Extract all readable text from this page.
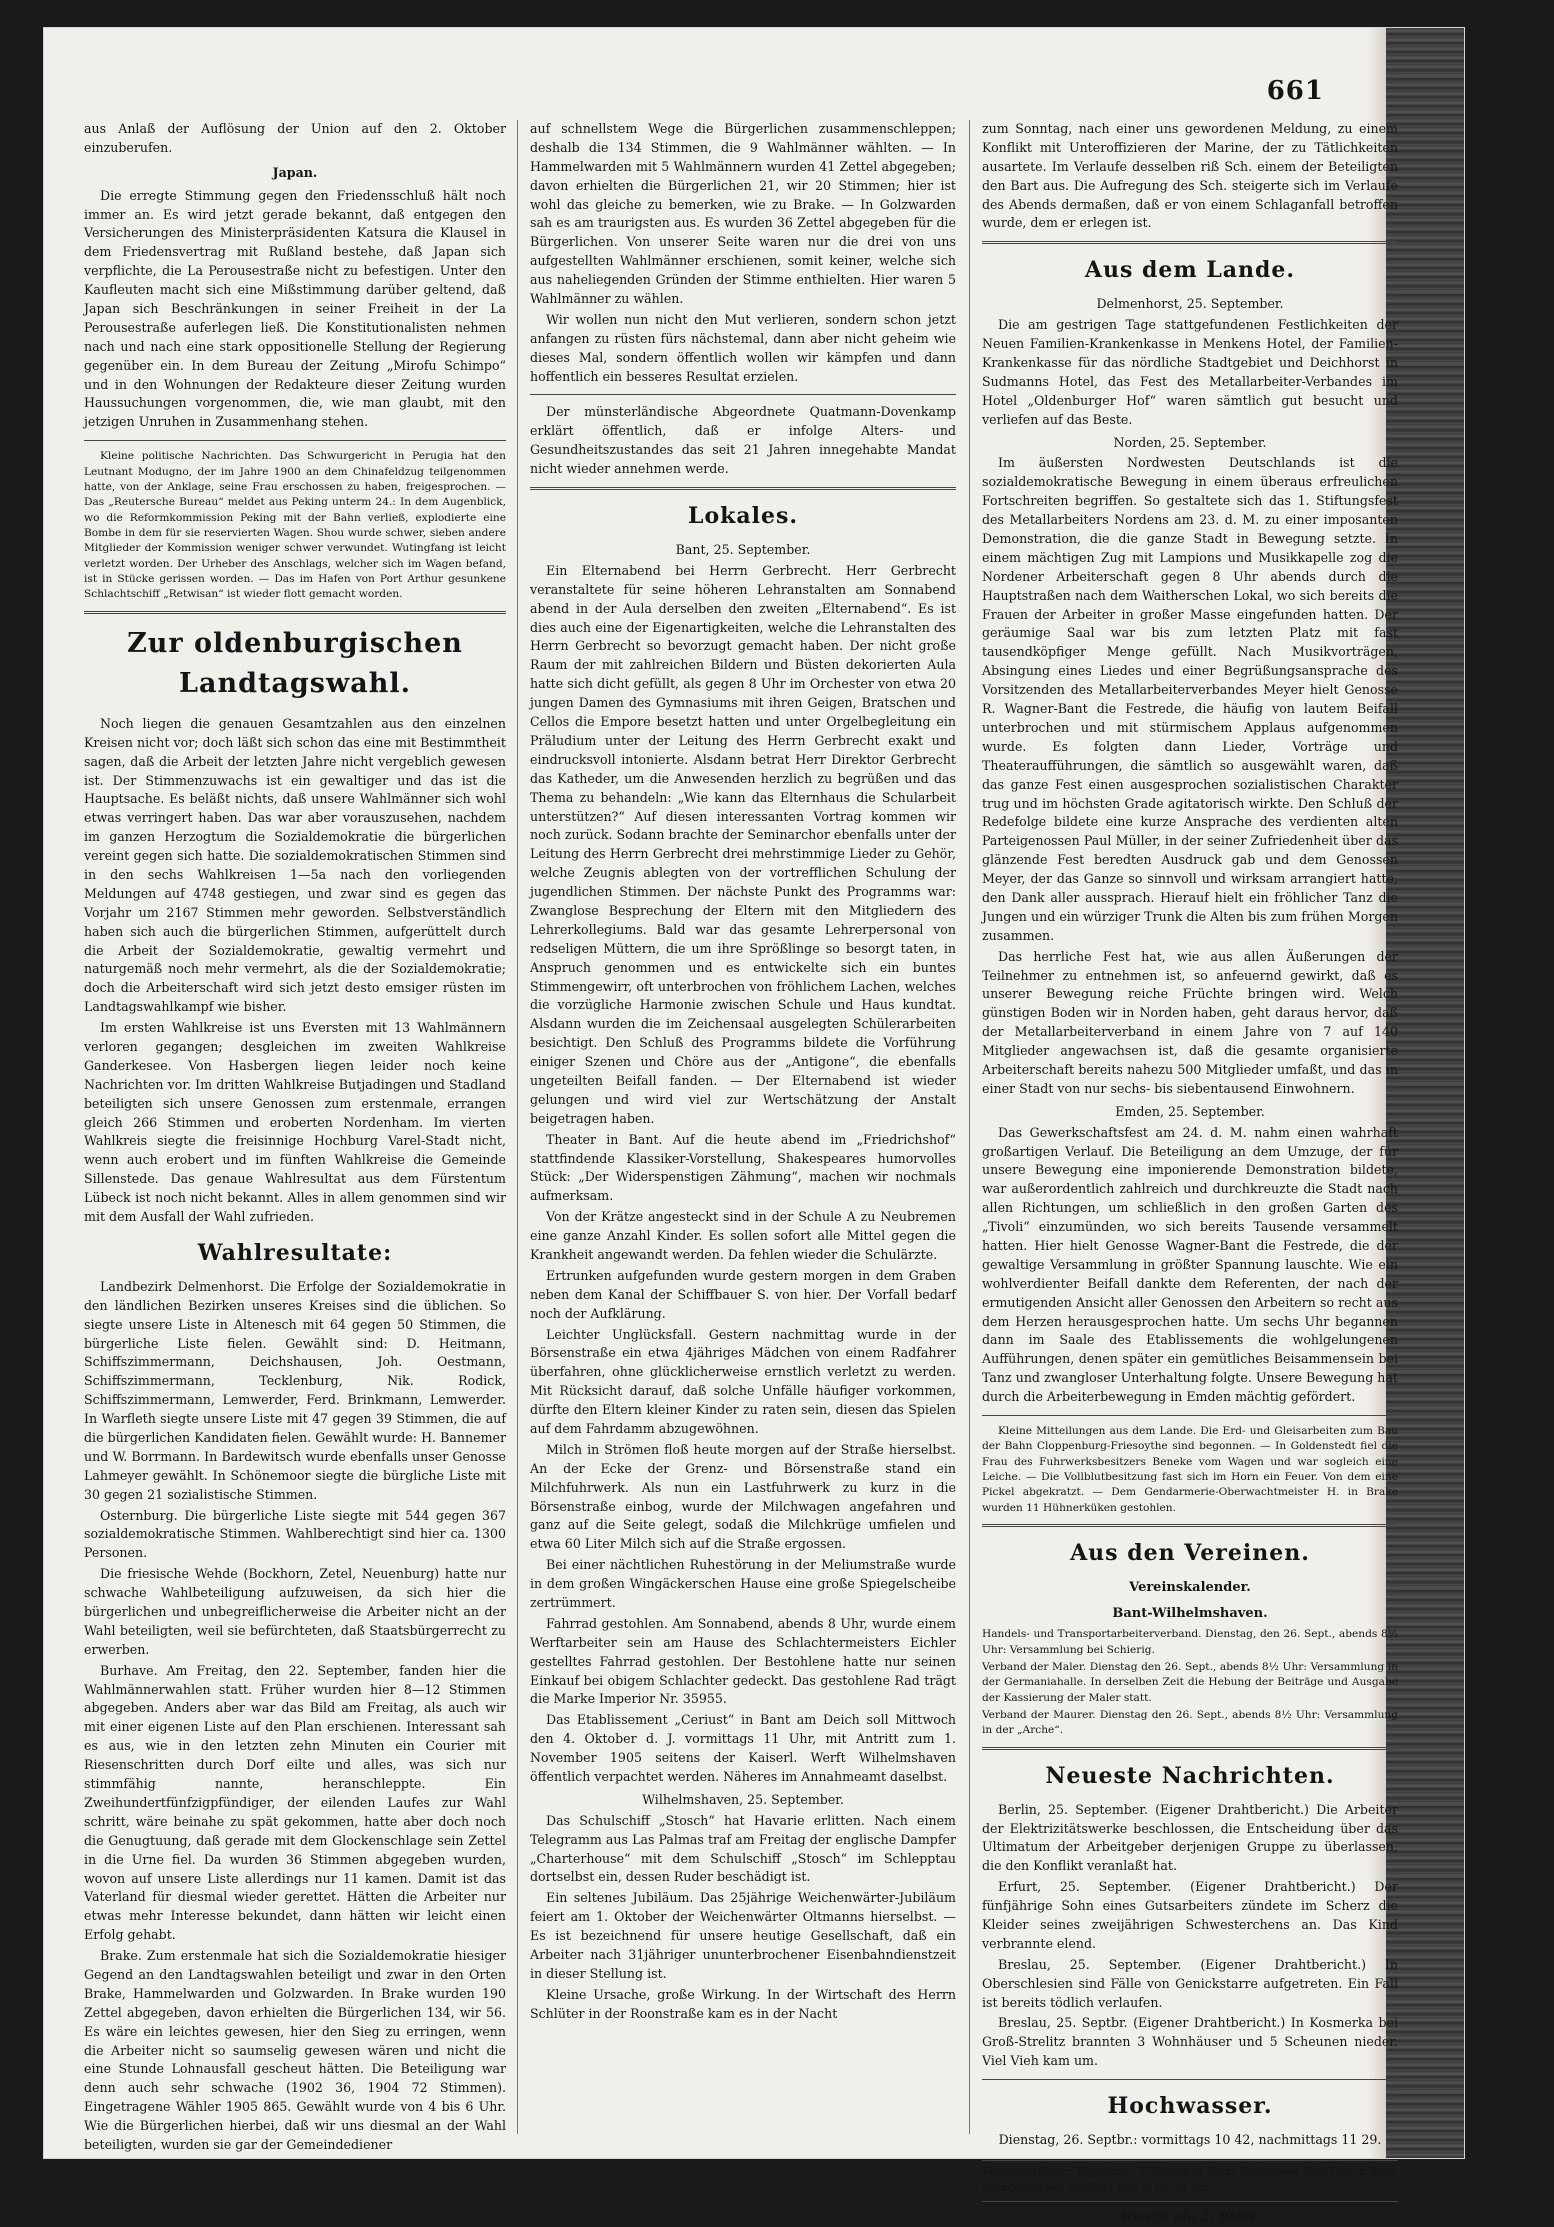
661

aus Anlaß der Auflösung der Union auf den 2. Oktober einzuberufen.

Japan.

Die erregte Stimmung gegen den Friedensschluß hält noch immer an. Es wird jetzt gerade bekannt, daß entgegen den Versicherungen des Ministerpräsidenten Katsura die Klausel in dem Friedensvertrag mit Rußland bestehe, daß Japan sich verpflichte, die La Perousestraße nicht zu befestigen. Unter den Kaufleuten macht sich eine Mißstimmung darüber geltend, daß Japan sich Beschränkungen in seiner Freiheit in der La Perousestraße auferlegen ließ. Die Konstitutionalisten nehmen nach und nach eine stark oppositionelle Stellung der Regierung gegenüber ein. In dem Bureau der Zeitung „Mirofu Schimpo“ und in den Wohnungen der Redakteure dieser Zeitung wurden Haussuchungen vorgenommen, die, wie man glaubt, mit den jetzigen Unruhen in Zusammenhang stehen.

Kleine politische Nachrichten. Das Schwurgericht in Perugia hat den Leutnant Modugno, der im Jahre 1900 an dem Chinafeldzug teilgenommen hatte, von der Anklage, seine Frau erschossen zu haben, freigesprochen. — Das „Reutersche Bureau“ meldet aus Peking unterm 24.: In dem Augenblick, wo die Reformkommission Peking mit der Bahn verließ, explodierte eine Bombe in dem für sie reservierten Wagen. Shou wurde schwer, sieben andere Mitglieder der Kommission weniger schwer verwundet. Wutingfang ist leicht verletzt worden. Der Urheber des Anschlags, welcher sich im Wagen befand, ist in Stücke gerissen worden. — Das im Hafen von Port Arthur gesunkene Schlachtschiff „Retwisan“ ist wieder flott gemacht worden.

Zur oldenburgischen Landtagswahl.

Noch liegen die genauen Gesamtzahlen aus den einzelnen Kreisen nicht vor; doch läßt sich schon das eine mit Bestimmtheit sagen, daß die Arbeit der letzten Jahre nicht vergeblich gewesen ist. Der Stimmenzuwachs ist ein gewaltiger und das ist die Hauptsache. Es beläßt nichts, daß unsere Wahlmänner sich wohl etwas verringert haben. Das war aber vorauszusehen, nachdem im ganzen Herzogtum die Sozialdemokratie die bürgerlichen vereint gegen sich hatte. Die sozialdemokratischen Stimmen sind in den sechs Wahlkreisen 1—5a nach den vorliegenden Meldungen auf 4748 gestiegen, und zwar sind es gegen das Vorjahr um 2167 Stimmen mehr geworden. Selbstverständlich haben sich auch die bürgerlichen Stimmen, aufgerüttelt durch die Arbeit der Sozialdemokratie, gewaltig vermehrt und naturgemäß noch mehr vermehrt, als die der Sozialdemokratie; doch die Arbeiterschaft wird sich jetzt desto emsiger rüsten im Landtagswahlkampf wie bisher.

Im ersten Wahlkreise ist uns Eversten mit 13 Wahlmännern verloren gegangen; desgleichen im zweiten Wahlkreise Ganderkesee. Von Hasbergen liegen leider noch keine Nachrichten vor. Im dritten Wahlkreise Butjadingen und Stadland beteiligten sich unsere Genossen zum erstenmale, errangen gleich 266 Stimmen und eroberten Nordenham. Im vierten Wahlkreis siegte die freisinnige Hochburg Varel-Stadt nicht, wenn auch erobert und im fünften Wahlkreise die Gemeinde Sillenstede. Das genaue Wahlresultat aus dem Fürstentum Lübeck ist noch nicht bekannt. Alles in allem genommen sind wir mit dem Ausfall der Wahl zufrieden.

Wahlresultate:

Landbezirk Delmenhorst. Die Erfolge der Sozialdemokratie in den ländlichen Bezirken unseres Kreises sind die üblichen. So siegte unsere Liste in Altenesch mit 64 gegen 50 Stimmen, die bürgerliche Liste fielen. Gewählt sind: D. Heitmann, Schiffszimmermann, Deichshausen, Joh. Oestmann, Schiffszimmermann, Tecklenburg, Nik. Rodick, Schiffszimmermann, Lemwerder, Ferd. Brinkmann, Lemwerder. In Warfleth siegte unsere Liste mit 47 gegen 39 Stimmen, die auf die bürgerlichen Kandidaten fielen. Gewählt wurde: H. Bannemer und W. Borrmann. In Bardewitsch wurde ebenfalls unser Genosse Lahmeyer gewählt. In Schönemoor siegte die bürgliche Liste mit 30 gegen 21 sozialistische Stimmen.

Osternburg. Die bürgerliche Liste siegte mit 544 gegen 367 sozialdemokratische Stimmen. Wahlberechtigt sind hier ca. 1300 Personen.

Die friesische Wehde (Bockhorn, Zetel, Neuenburg) hatte nur schwache Wahlbeteiligung aufzuweisen, da sich hier die bürgerlichen und unbegreiflicherweise die Arbeiter nicht an der Wahl beteiligten, weil sie befürchteten, daß Staatsbürgerrecht zu erwerben.

Burhave. Am Freitag, den 22. September, fanden hier die Wahlmännerwahlen statt. Früher wurden hier 8—12 Stimmen abgegeben. Anders aber war das Bild am Freitag, als auch wir mit einer eigenen Liste auf den Plan erschienen. Interessant sah es aus, wie in den letzten zehn Minuten ein Courier mit Riesenschritten durch Dorf eilte und alles, was sich nur stimmfähig nannte, heranschleppte. Ein Zweihundertfünfzigpfündiger, der eilenden Laufes zur Wahl schritt, wäre beinahe zu spät gekommen, hatte aber doch noch die Genugtuung, daß gerade mit dem Glockenschlage sein Zettel in die Urne fiel. Da wurden 36 Stimmen abgegeben wurden, wovon auf unsere Liste allerdings nur 11 kamen. Damit ist das Vaterland für diesmal wieder gerettet. Hätten die Arbeiter nur etwas mehr Interesse bekundet, dann hätten wir leicht einen Erfolg gehabt.

Brake. Zum erstenmale hat sich die Sozialdemokratie hiesiger Gegend an den Landtagswahlen beteiligt und zwar in den Orten Brake, Hammelwarden und Golzwarden. In Brake wurden 190 Zettel abgegeben, davon erhielten die Bürgerlichen 134, wir 56. Es wäre ein leichtes gewesen, hier den Sieg zu erringen, wenn die Arbeiter nicht so saumselig gewesen wären und nicht die eine Stunde Lohnausfall gescheut hätten. Die Beteiligung war denn auch sehr schwache (1902 36, 1904 72 Stimmen). Eingetragene Wähler 1905 865. Gewählt wurde von 4 bis 6 Uhr. Wie die Bürgerlichen hierbei, daß wir uns diesmal an der Wahl beteiligten, wurden sie gar der Gemeindediener

auf schnellstem Wege die Bürgerlichen zusammenschleppen; deshalb die 134 Stimmen, die 9 Wahlmänner wählten. — In Hammelwarden mit 5 Wahlmännern wurden 41 Zettel abgegeben; davon erhielten die Bürgerlichen 21, wir 20 Stimmen; hier ist wohl das gleiche zu bemerken, wie zu Brake. — In Golzwarden sah es am traurigsten aus. Es wurden 36 Zettel abgegeben für die Bürgerlichen. Von unserer Seite waren nur die drei von uns aufgestellten Wahlmänner erschienen, somit keiner, welche sich aus naheliegenden Gründen der Stimme enthielten. Hier waren 5 Wahlmänner zu wählen.

Wir wollen nun nicht den Mut verlieren, sondern schon jetzt anfangen zu rüsten fürs nächstemal, dann aber nicht geheim wie dieses Mal, sondern öffentlich wollen wir kämpfen und dann hoffentlich ein besseres Resultat erzielen.

Der münsterländische Abgeordnete Quatmann-Dovenkamp erklärt öffentlich, daß er infolge Alters- und Gesundheitszustandes das seit 21 Jahren innegehabte Mandat nicht wieder annehmen werde.

Lokales.
Bant, 25. September.

Ein Elternabend bei Herrn Gerbrecht. Herr Gerbrecht veranstaltete für seine höheren Lehranstalten am Sonnabend abend in der Aula derselben den zweiten „Elternabend“. Es ist dies auch eine der Eigenartigkeiten, welche die Lehranstalten des Herrn Gerbrecht so bevorzugt gemacht haben. Der nicht große Raum der mit zahlreichen Bildern und Büsten dekorierten Aula hatte sich dicht gefüllt, als gegen 8 Uhr im Orchester von etwa 20 jungen Damen des Gymnasiums mit ihren Geigen, Bratschen und Cellos die Empore besetzt hatten und unter Orgelbegleitung ein Präludium unter der Leitung des Herrn Gerbrecht exakt und eindrucksvoll intonierte. Alsdann betrat Herr Direktor Gerbrecht das Katheder, um die Anwesenden herzlich zu begrüßen und das Thema zu behandeln: „Wie kann das Elternhaus die Schularbeit unterstützen?“ Auf diesen interessanten Vortrag kommen wir noch zurück. Sodann brachte der Seminarchor ebenfalls unter der Leitung des Herrn Gerbrecht drei mehrstimmige Lieder zu Gehör, welche Zeugnis ablegten von der vortrefflichen Schulung der jugendlichen Stimmen. Der nächste Punkt des Programms war: Zwanglose Besprechung der Eltern mit den Mitgliedern des Lehrerkollegiums. Bald war das gesamte Lehrerpersonal von redseligen Müttern, die um ihre Sprößlinge so besorgt taten, in Anspruch genommen und es entwickelte sich ein buntes Stimmengewirr, oft unterbrochen von fröhlichem Lachen, welches die vorzügliche Harmonie zwischen Schule und Haus kundtat. Alsdann wurden die im Zeichensaal ausgelegten Schülerarbeiten besichtigt. Den Schluß des Programms bildete die Vorführung einiger Szenen und Chöre aus der „Antigone“, die ebenfalls ungeteilten Beifall fanden. — Der Elternabend ist wieder gelungen und wird viel zur Wertschätzung der Anstalt beigetragen haben.

Theater in Bant. Auf die heute abend im „Friedrichshof“ stattfindende Klassiker-Vorstellung, Shakespeares humorvolles Stück: „Der Widerspenstigen Zähmung“, machen wir nochmals aufmerksam.

Von der Krätze angesteckt sind in der Schule A zu Neubremen eine ganze Anzahl Kinder. Es sollen sofort alle Mittel gegen die Krankheit angewandt werden. Da fehlen wieder die Schulärzte.

Ertrunken aufgefunden wurde gestern morgen in dem Graben neben dem Kanal der Schiffbauer S. von hier. Der Vorfall bedarf noch der Aufklärung.

Leichter Unglücksfall. Gestern nachmittag wurde in der Börsenstraße ein etwa 4jähriges Mädchen von einem Radfahrer überfahren, ohne glücklicherweise ernstlich verletzt zu werden. Mit Rücksicht darauf, daß solche Unfälle häufiger vorkommen, dürfte den Eltern kleiner Kinder zu raten sein, diesen das Spielen auf dem Fahrdamm abzugewöhnen.

Milch in Strömen floß heute morgen auf der Straße hierselbst. An der Ecke der Grenz- und Börsenstraße stand ein Milchfuhrwerk. Als nun ein Lastfuhrwerk zu kurz in die Börsenstraße einbog, wurde der Milchwagen angefahren und ganz auf die Seite gelegt, sodaß die Milchkrüge umfielen und etwa 60 Liter Milch sich auf die Straße ergossen.

Bei einer nächtlichen Ruhestörung in der Meliumstraße wurde in dem großen Wingäckerschen Hause eine große Spiegelscheibe zertrümmert.

Fahrrad gestohlen. Am Sonnabend, abends 8 Uhr, wurde einem Werftarbeiter sein am Hause des Schlachtermeisters Eichler gestelltes Fahrrad gestohlen. Der Bestohlene hatte nur seinen Einkauf bei obigem Schlachter gedeckt. Das gestohlene Rad trägt die Marke Imperior Nr. 35955.

Das Etablissement „Ceriust“ in Bant am Deich soll Mittwoch den 4. Oktober d. J. vormittags 11 Uhr, mit Antritt zum 1. November 1905 seitens der Kaiserl. Werft Wilhelmshaven öffentlich verpachtet werden. Näheres im Annahmeamt daselbst.

Wilhelmshaven, 25. September.

Das Schulschiff „Stosch“ hat Havarie erlitten. Nach einem Telegramm aus Las Palmas traf am Freitag der englische Dampfer „Charterhouse“ mit dem Schulschiff „Stosch“ im Schlepptau dortselbst ein, dessen Ruder beschädigt ist.

Ein seltenes Jubiläum. Das 25jährige Weichenwärter-Jubiläum feiert am 1. Oktober der Weichenwärter Oltmanns hierselbst. — Es ist bezeichnend für unsere heutige Gesellschaft, daß ein Arbeiter nach 31jähriger ununterbrochener Eisenbahndienstzeit in dieser Stellung ist.

Kleine Ursache, große Wirkung. In der Wirtschaft des Herrn Schlüter in der Roonstraße kam es in der Nacht

zum Sonntag, nach einer uns gewordenen Meldung, zu einem Konflikt mit Unteroffizieren der Marine, der zu Tätlichkeiten ausartete. Im Verlaufe desselben riß Sch. einem der Beteiligten den Bart aus. Die Aufregung des Sch. steigerte sich im Verlaufe des Abends dermaßen, daß er von einem Schlaganfall betroffen wurde, dem er erlegen ist.

Aus dem Lande.
Delmenhorst, 25. September.

Die am gestrigen Tage stattgefundenen Festlichkeiten der Neuen Familien-Krankenkasse in Menkens Hotel, der Familien-Krankenkasse für das nördliche Stadtgebiet und Deichhorst in Sudmanns Hotel, das Fest des Metallarbeiter-Verbandes im Hotel „Oldenburger Hof“ waren sämtlich gut besucht und verliefen auf das Beste.

Norden, 25. September.

Im äußersten Nordwesten Deutschlands ist die sozialdemokratische Bewegung in einem überaus erfreulichen Fortschreiten begriffen. So gestaltete sich das 1. Stiftungsfest des Metallarbeiters Nordens am 23. d. M. zu einer imposanten Demonstration, die die ganze Stadt in Bewegung setzte. In einem mächtigen Zug mit Lampions und Musikkapelle zog die Nordener Arbeiterschaft gegen 8 Uhr abends durch die Hauptstraßen nach dem Waitherschen Lokal, wo sich bereits die Frauen der Arbeiter in großer Masse eingefunden hatten. Der geräumige Saal war bis zum letzten Platz mit fast tausendköpfiger Menge gefüllt. Nach Musikvorträgen, Absingung eines Liedes und einer Begrüßungsansprache des Vorsitzenden des Metallarbeiterverbandes Meyer hielt Genosse R. Wagner-Bant die Festrede, die häufig von lautem Beifall unterbrochen und mit stürmischem Applaus aufgenommen wurde. Es folgten dann Lieder, Vorträge und Theateraufführungen, die sämtlich so ausgewählt waren, daß das ganze Fest einen ausgesprochen sozialistischen Charakter trug und im höchsten Grade agitatorisch wirkte. Den Schluß der Redefolge bildete eine kurze Ansprache des verdienten alten Parteigenossen Paul Müller, in der seiner Zufriedenheit über das glänzende Fest beredten Ausdruck gab und dem Genossen Meyer, der das Ganze so sinnvoll und wirksam arrangiert hatte, den Dank aller aussprach. Hierauf hielt ein fröhlicher Tanz die Jungen und ein würziger Trunk die Alten bis zum frühen Morgen zusammen.

Das herrliche Fest hat, wie aus allen Äußerungen der Teilnehmer zu entnehmen ist, so anfeuernd gewirkt, daß es unserer Bewegung reiche Früchte bringen wird. Welch günstigen Boden wir in Norden haben, geht daraus hervor, daß der Metallarbeiterverband in einem Jahre von 7 auf 140 Mitglieder angewachsen ist, daß die gesamte organisierte Arbeiterschaft bereits nahezu 500 Mitglieder umfaßt, und das in einer Stadt von nur sechs- bis siebentausend Einwohnern.

Emden, 25. September.

Das Gewerkschaftsfest am 24. d. M. nahm einen wahrhaft großartigen Verlauf. Die Beteiligung an dem Umzuge, der für unsere Bewegung eine imponierende Demonstration bildete, war außerordentlich zahlreich und durchkreuzte die Stadt nach allen Richtungen, um schließlich in den großen Garten des „Tivoli“ einzumünden, wo sich bereits Tausende versammelt hatten. Hier hielt Genosse Wagner-Bant die Festrede, die der gewaltige Versammlung in größter Spannung lauschte. Wie ein wohlverdienter Beifall dankte dem Referenten, der nach der ermutigenden Ansicht aller Genossen den Arbeitern so recht aus dem Herzen herausgesprochen hatte. Um sechs Uhr begannen dann im Saale des Etablissements die wohlgelungenen Aufführungen, denen später ein gemütliches Beisammensein bei Tanz und zwangloser Unterhaltung folgte. Unsere Bewegung hat durch die Arbeiterbewegung in Emden mächtig gefördert.

Kleine Mitteilungen aus dem Lande. Die Erd- und Gleisarbeiten zum Bau der Bahn Cloppenburg-Friesoythe sind begonnen. — In Goldenstedt fiel die Frau des Fuhrwerksbesitzers Beneke vom Wagen und war sogleich eine Leiche. — Die Vollblutbesitzung fast sich im Horn ein Feuer. Von dem eine Pickel abgekratzt. — Dem Gendarmerie-Oberwachtmeister H. in Brake wurden 11 Hühnerküken gestohlen.

Aus den Vereinen.
Vereinskalender.
Bant-Wilhelmshaven.

Handels- und Transportarbeiterverband. Dienstag, den 26. Sept., abends 8½ Uhr: Versammlung bei Schierig.

Verband der Maler. Dienstag den 26. Sept., abends 8½ Uhr: Versammlung in der Germaniahalle. In derselben Zeit die Hebung der Beiträge und Ausgabe der Kassierung der Maler statt.

Verband der Maurer. Dienstag den 26. Sept., abends 8½ Uhr: Versammlung in der „Arche“.

Neueste Nachrichten.

Berlin, 25. September. (Eigener Drahtbericht.) Die Arbeiter der Elektrizitätswerke beschlossen, die Entscheidung über das Ultimatum der Arbeitgeber derjenigen Gruppe zu überlassen, die den Konflikt veranlaßt hat.

Erfurt, 25. September. (Eigener Drahtbericht.) Der fünfjährige Sohn eines Gutsarbeiters zündete im Scherz die Kleider seines zweijährigen Schwesterchens an. Das Kind verbrannte elend.

Breslau, 25. September. (Eigener Drahtbericht.) In Oberschlesien sind Fälle von Genickstarre aufgetreten. Ein Fall ist bereits tödlich verlaufen.

Breslau, 25. Septbr. (Eigener Drahtbericht.) In Kosmerka bei Groß-Strelitz brannten 3 Wohnhäuser und 5 Scheunen nieder. Viel Vieh kam um.

Hochwasser.

Dienstag, 26. Septbr.: vormittags 10 42, nachmittags 11 29.

Verantwortlicher Redakteur: E. Meyer in Varel. Verlag von Paul Hug in Bant. Rotationsdruck von Paul Hug & Co. in Bant.
Hierzu ein 2. Blatt.
